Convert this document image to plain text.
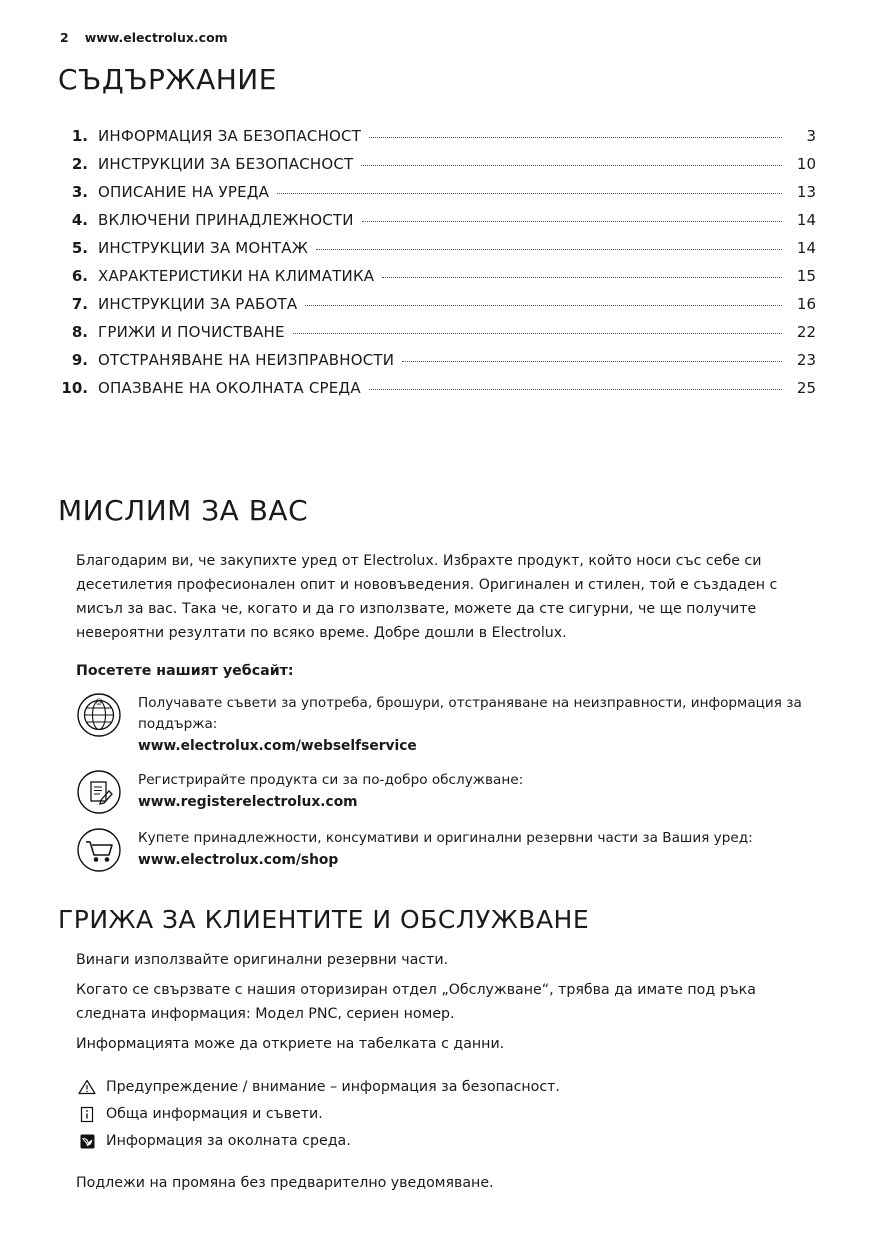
2 www.electrolux.com
СЪДЪРЖАНИЕ
1. ИНФОРМАЦИЯ ЗА БЕЗОПАСНОСТ	3
2. ИНСТРУКЦИИ ЗА БЕЗОПАСНОСТ	10
3. ОПИСАНИЕ НА УРЕДА	13
4. ВКЛЮЧЕНИ ПРИНАДЛЕЖНОСТИ	14
5. ИНСТРУКЦИИ ЗА МОНТАЖ	14
6. ХАРАКТЕРИСТИКИ НА КЛИМАТИКА	15
7. ИНСТРУКЦИИ ЗА РАБОТА	16
8. ГРИЖИ И ПОЧИСТВАНЕ	22
9. ОТСТРАНЯВАНЕ НА НЕИЗПРАВНОСТИ	23
10. ОПАЗВАНЕ НА ОКОЛНАТА СРЕДА	25
МИСЛИМ ЗА ВАС

Благодарим ви, че закупихте уред от Electrolux. Избрахте продукт, който носи със себе си десетилетия професионален опит и нововъведения. Оригинален и стилен, той е създаден с мисъл за вас. Така че, когато и да го използвате, можете да сте сигурни, че ще получите невероятни резултати по всяко време. Добре дошли в Electrolux.

Посетете нашият уебсайт:
@	Получавате съвети за употреба, брошури, отстраняване на неизправности, информация за поддържа:
www.electrolux.com/webselfservice
Регистрирайте продукта си за по-добро обслужване:
www.registerelectrolux.com
Купете принадлежности, консумативи и оригинални резервни части за Вашия уред:
www.electrolux.com/shop
ГРИЖА ЗА КЛИЕНТИТЕ И ОБСЛУЖВАНЕ

Винаги използвайте оригинални резервни части.

Когато се свързвате с нашия оторизиран отдел „Обслужване“, трябва да имате под ръка следната информация: Модел PNC, сериен номер.

Информацията може да откриете на табелката с данни.

Предупреждение / внимание – информация за безопасност.
Обща информация и съвети.
Информация за околната среда.
Подлежи на промяна без предварително уведомяване.
